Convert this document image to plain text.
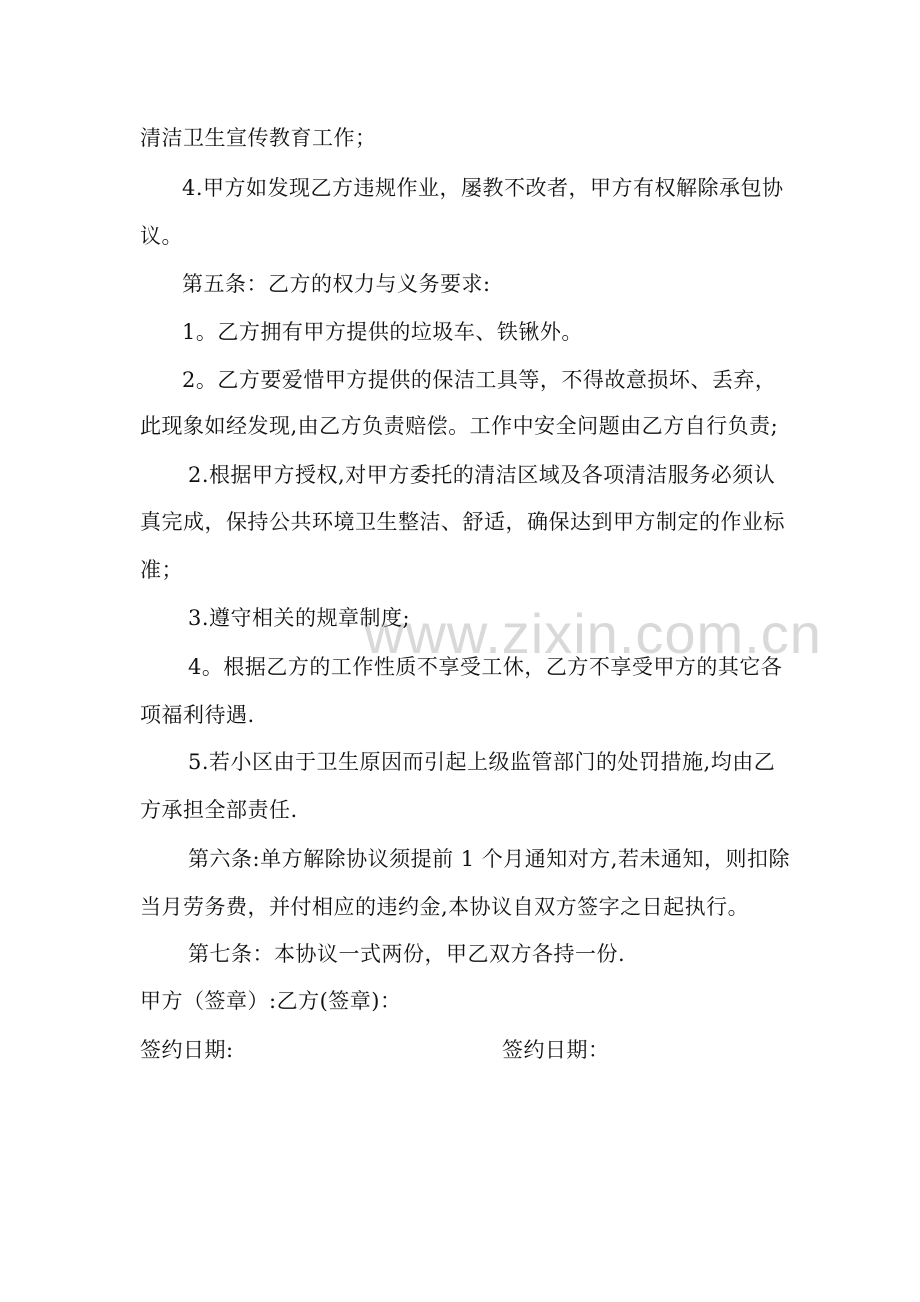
www.zixin.com.cn
清洁卫生宣传教育工作；
4.甲方如发现乙方违规作业，屡教不改者，甲方有权解除承包协
议。
第五条：乙方的权力与义务要求:
1。乙方拥有甲方提供的垃圾车、铁锹外。
2。乙方要爱惜甲方提供的保洁工具等，不得故意损坏、丢弃，
此现象如经发现,由乙方负责赔偿。工作中安全问题由乙方自行负责;
2.根据甲方授权,对甲方委托的清洁区域及各项清洁服务必须认
真完成，保持公共环境卫生整洁、舒适，确保达到甲方制定的作业标
准；
3.遵守相关的规章制度;
4。根据乙方的工作性质不享受工休，乙方不享受甲方的其它各
项福利待遇.
5.若小区由于卫生原因而引起上级监管部门的处罚措施,均由乙
方承担全部责任.
第六条:单方解除协议须提前 1 个月通知对方,若未通知，则扣除
当月劳务费，并付相应的违约金,本协议自双方签字之日起执行。
第七条：本协议一式两份，甲乙双方各持一份.
甲方（签章）:乙方(签章)：
签约日期:	签约日期：
